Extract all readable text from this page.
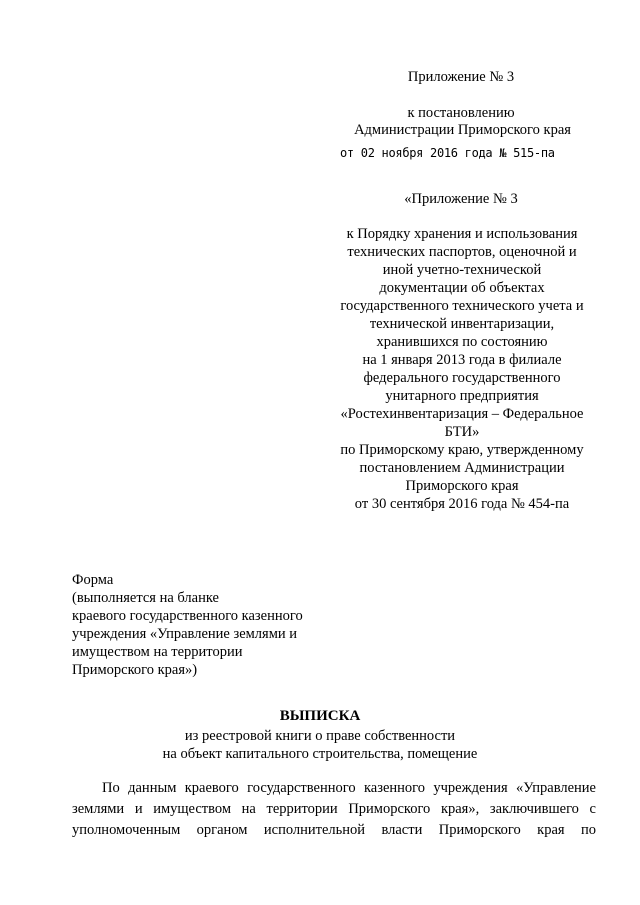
Приложение № 3
к постановлению
Администрации Приморского края
от 02 ноября 2016 года № 515-па
«Приложение № 3
к Порядку хранения и использования
технических паспортов, оценочной и
иной учетно-технической
документации об объектах
государственного технического учета и
технической инвентаризации,
хранившихся по состоянию
на 1 января 2013 года в филиале
федерального государственного
унитарного предприятия
«Ростехинвентаризация – Федеральное
БТИ»
по Приморскому краю, утвержденному
постановлением Администрации
Приморского края
от 30 сентября 2016 года № 454-па
Форма
(выполняется на бланке
краевого государственного казенного
учреждения «Управление землями и
имуществом на территории
Приморского края»)
ВЫПИСКА
из реестровой книги о праве собственности
на объект капитального строительства, помещение
По данным краевого государственного казенного учреждения «Управление
землями и имуществом на территории Приморского края», заключившего с
уполномоченным органом исполнительной власти Приморского края по
